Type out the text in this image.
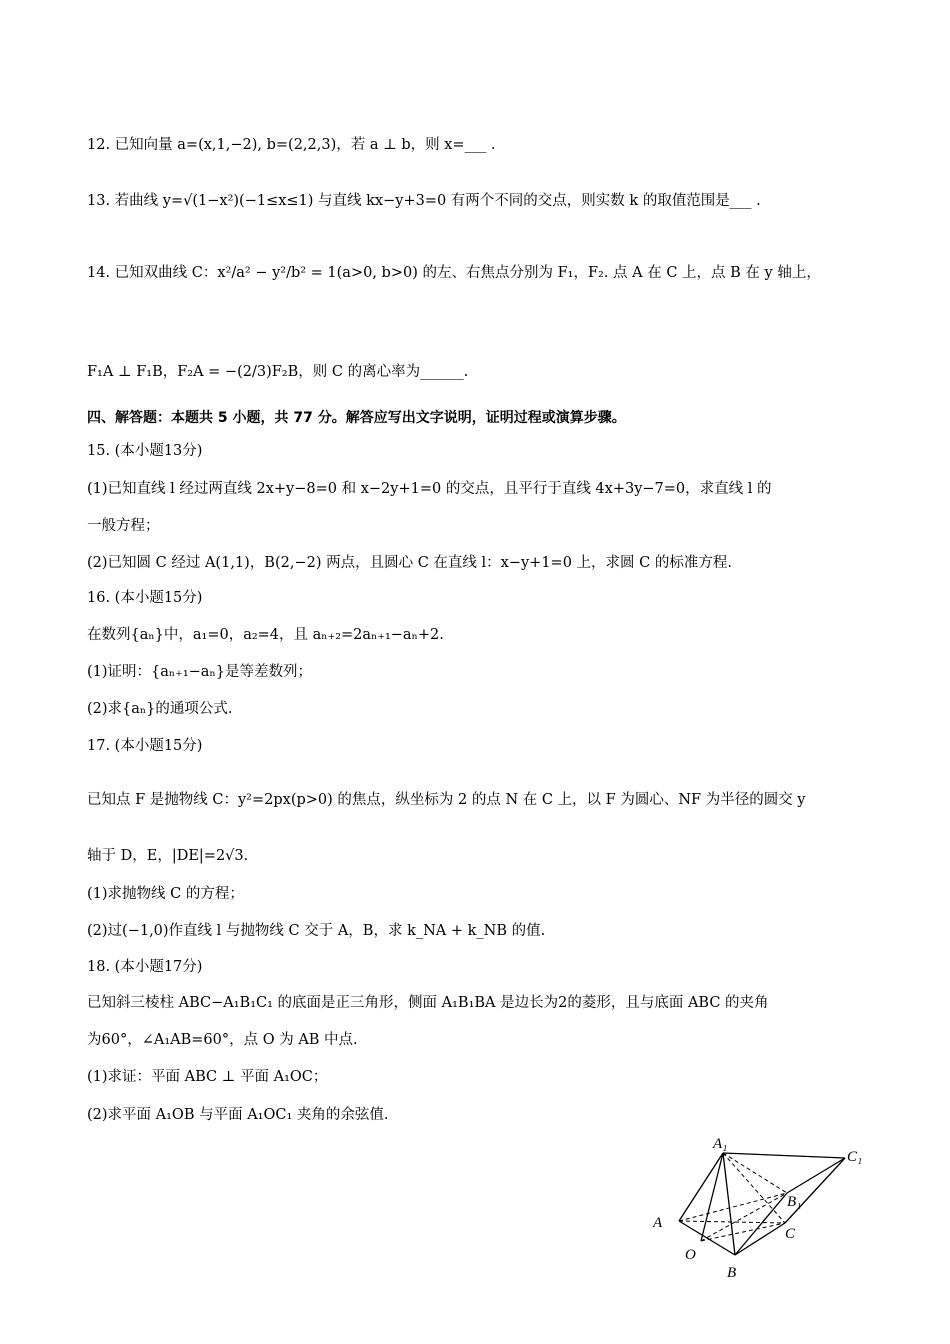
12. 已知向量 a=(x,1,−2), b=(2,2,3)，若 a ⊥ b，则 x=___ .
13. 若曲线 y=√(1−x²)(−1≤x≤1) 与直线 kx−y+3=0 有两个不同的交点，则实数 k 的取值范围是___ .
14. 已知双曲线 C：x²/a² − y²/b² = 1(a>0, b>0) 的左、右焦点分别为 F₁，F₂. 点 A 在 C 上，点 B 在 y 轴上，
F₁A ⊥ F₁B，F₂A = −(2/3)F₂B，则 C 的离心率为______.
四、解答题：本题共 5 小题，共 77 分。解答应写出文字说明，证明过程或演算步骤。
15. (本小题13分)
(1)已知直线 l 经过两直线 2x+y−8=0 和 x−2y+1=0 的交点，且平行于直线 4x+3y−7=0，求直线 l 的
一般方程；
(2)已知圆 C 经过 A(1,1)，B(2,−2) 两点，且圆心 C 在直线 l：x−y+1=0 上，求圆 C 的标准方程.
16. (本小题15分)
在数列{aₙ}中，a₁=0，a₂=4，且 aₙ₊₂=2aₙ₊₁−aₙ+2.
(1)证明：{aₙ₊₁−aₙ}是等差数列；
(2)求{aₙ}的通项公式.
17. (本小题15分)
已知点 F 是抛物线 C：y²=2px(p>0) 的焦点，纵坐标为 2 的点 N 在 C 上，以 F 为圆心、NF 为半径的圆交 y
轴于 D，E，|DE|=2√3.
(1)求抛物线 C 的方程；
(2)过(−1,0)作直线 l 与抛物线 C 交于 A，B，求 k_NA + k_NB 的值.
18. (本小题17分)
已知斜三棱柱 ABC−A₁B₁C₁ 的底面是正三角形，侧面 A₁B₁BA 是边长为2的菱形，且与底面 ABC 的夹角
为60°，∠A₁AB=60°，点 O 为 AB 中点.
(1)求证：平面 ABC ⊥ 平面 A₁OC；
(2)求平面 A₁OB 与平面 A₁OC₁ 夹角的余弦值.
A₁
C₁
B₁
A
C
O
B
